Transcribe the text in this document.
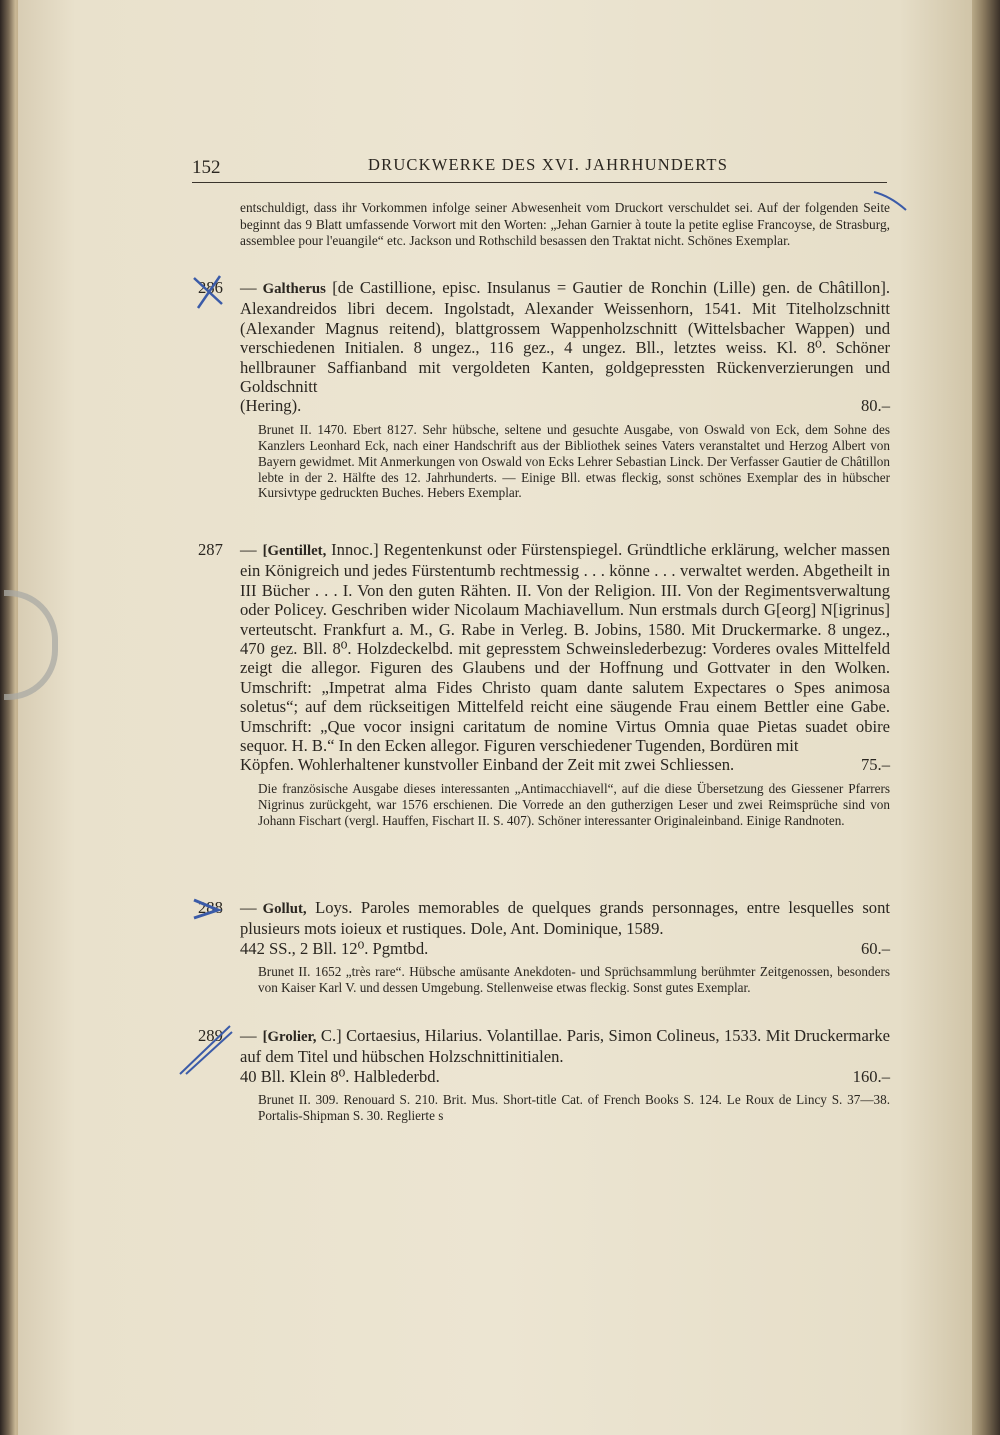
152	DRUCKWERKE DES XVI. JAHRHUNDERTS
entschuldigt, dass ihr Vorkommen infolge seiner Abwesenheit vom Druckort verschuldet sei. Auf der folgenden Seite beginnt das 9 Blatt umfassende Vorwort mit den Worten: „Jehan Garnier à toute la petite eglise Francoyse, de Strasburg, assemblee pour l'euangile“ etc. Jackson und Rothschild besassen den Traktat nicht. Schönes Exemplar.
286 — Galtherus [de Castillione, episc. Insulanus = Gautier de Ronchin (Lille) gen. de Châtillon]. Alexandreidos libri decem. Ingolstadt, Alexander Weissenhorn, 1541. Mit Titelholzschnitt (Alexander Magnus reitend), blattgrossem Wappenholzschnitt (Wittelsbacher Wappen) und verschiedenen Initialen. 8 ungez., 116 gez., 4 ungez. Bll., letztes weiss. Kl. 8⁰. Schöner hellbrauner Saffianband mit vergoldeten Kanten, goldgepressten Rückenverzierungen und Goldschnitt
(Hering).	80.–
Brunet II. 1470. Ebert 8127. Sehr hübsche, seltene und gesuchte Ausgabe, von Oswald von Eck, dem Sohne des Kanzlers Leonhard Eck, nach einer Handschrift aus der Bibliothek seines Vaters veranstaltet und Herzog Albert von Bayern gewidmet. Mit Anmerkungen von Oswald von Ecks Lehrer Sebastian Linck. Der Verfasser Gautier de Châtillon lebte in der 2. Hälfte des 12. Jahrhunderts. — Einige Bll. etwas fleckig, sonst schönes Exemplar des in hübscher Kursivtype gedruckten Buches. Hebers Exemplar.
287 — [Gentillet, Innoc.] Regentenkunst oder Fürstenspiegel. Gründtliche erklärung, welcher massen ein Königreich und jedes Fürstentumb rechtmessig . . . könne . . . verwaltet werden. Abgetheilt in III Bücher . . . I. Von den guten Rähten. II. Von der Religion. III. Von der Regimentsverwaltung oder Policey. Geschriben wider Nicolaum Machiavellum. Nun erstmals durch G[eorg] N[igrinus] verteutscht. Frankfurt a. M., G. Rabe in Verleg. B. Jobins, 1580. Mit Druckermarke. 8 ungez., 470 gez. Bll. 8⁰. Holzdeckelbd. mit gepresstem Schweinslederbezug: Vorderes ovales Mittelfeld zeigt die allegor. Figuren des Glaubens und der Hoffnung und Gottvater in den Wolken. Umschrift: „Impetrat alma Fides Christo quam dante salutem Expectares o Spes animosa soletus“; auf dem rückseitigen Mittelfeld reicht eine säugende Frau einem Bettler eine Gabe. Umschrift: „Que vocor insigni caritatum de nomine Virtus Omnia quae Pietas suadet obire sequor. H. B.“ In den Ecken allegor. Figuren verschiedener Tugenden, Bordüren mit
Köpfen. Wohlerhaltener kunstvoller Einband der Zeit mit zwei Schliessen.	75.–
Die französische Ausgabe dieses interessanten „Antimacchiavell“, auf die diese Übersetzung des Giessener Pfarrers Nigrinus zurückgeht, war 1576 erschienen. Die Vorrede an den gutherzigen Leser und zwei Reimsprüche sind von Johann Fischart (vergl. Hauffen, Fischart II. S. 407). Schöner interessanter Originaleinband. Einige Randnoten.
288 — Gollut, Loys. Paroles memorables de quelques grands personnages, entre lesquelles sont plusieurs mots ioieux et rustiques. Dole, Ant. Dominique, 1589.
442 SS., 2 Bll. 12⁰. Pgmtbd.	60.–
Brunet II. 1652 „très rare“. Hübsche amüsante Anekdoten- und Sprüchsammlung berühmter Zeitgenossen, besonders von Kaiser Karl V. und dessen Umgebung. Stellenweise etwas fleckig. Sonst gutes Exemplar.
289 — [Grolier, C.] Cortaesius, Hilarius. Volantillae. Paris, Simon Colineus, 1533. Mit Druckermarke auf dem Titel und hübschen Holzschnittinitialen.
40 Bll. Klein 8⁰. Halblederbd.	160.–
Brunet II. 309. Renouard S. 210. Brit. Mus. Short-title Cat. of French Books S. 124. Le Roux de Lincy S. 37—38. Portalis-Shipman S. 30. Reglierte s
